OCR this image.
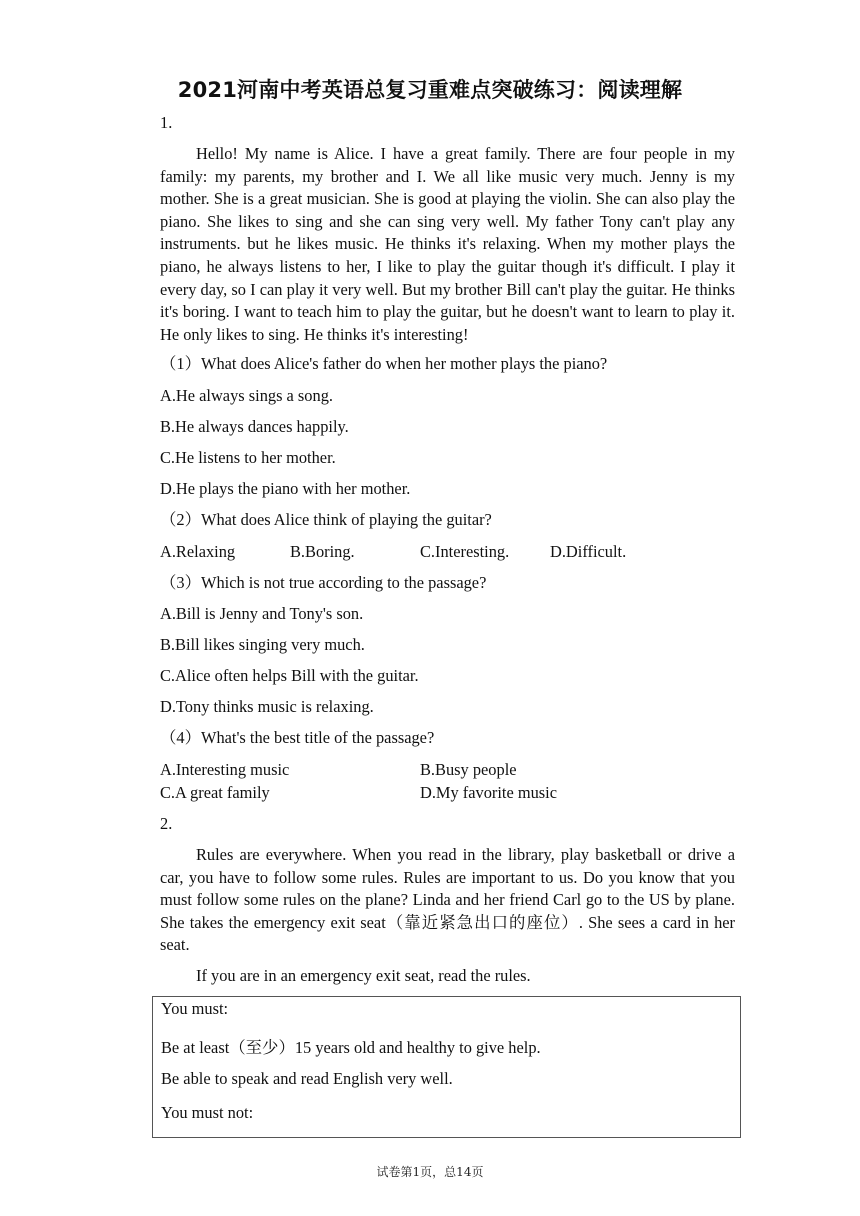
2021河南中考英语总复习重难点突破练习：阅读理解
1.
Hello! My name is Alice. I have a great family. There are four people in my family: my parents, my brother and I. We all like music very much. Jenny is my mother. She is a great musician. She is good at playing the violin. She can also play the piano. She likes to sing and she can sing very well. My father Tony can't play any instruments. but he likes music. He thinks it's relaxing. When my mother plays the piano, he always listens to her, I like to play the guitar though it's difficult. I play it every day, so I can play it very well. But my brother Bill can't play the guitar. He thinks it's boring. I want to teach him to play the guitar, but he doesn't want to learn to play it. He only likes to sing. He thinks it's interesting!
（1）What does Alice's father do when her mother plays the piano?
A.He always sings a song.
B.He always dances happily.
C.He listens to her mother.
D.He plays the piano with her mother.
（2）What does Alice think of playing the guitar?
A.Relaxing	B.Boring.	C.Interesting. D.Difficult.
（3）Which is not true according to the passage?
A.Bill is Jenny and Tony's son.
B.Bill likes singing very much.
C.Alice often helps Bill with the guitar.
D.Tony thinks music is relaxing.
（4）What's the best title of the passage?
A.Interesting music	B.Busy people
C.A great family	D.My favorite music
2.
Rules are everywhere. When you read in the library, play basketball or drive a car, you have to follow some rules. Rules are important to us. Do you know that you must follow some rules on the plane? Linda and her friend Carl go to the US by plane. She takes the emergency exit seat（靠近紧急出口的座位）. She sees a card in her seat.
If you are in an emergency exit seat, read the rules.
You must:
Be at least（至少）15 years old and healthy to give help.
Be able to speak and read English very well.
You must not:
试卷第1页，总14页
